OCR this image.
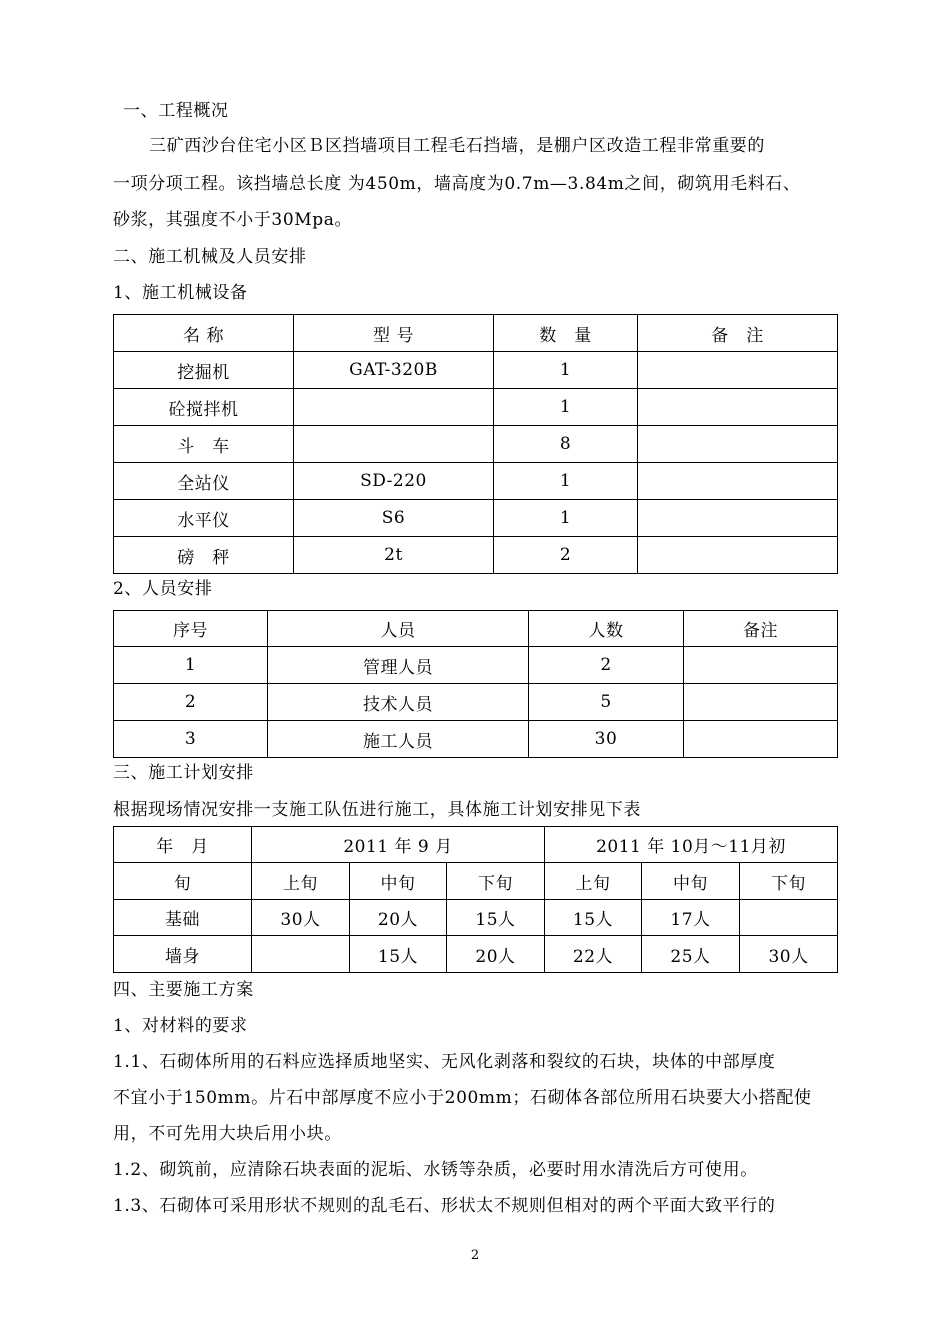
一、工程概况
三矿西沙台住宅小区Ｂ区挡墙项目工程毛石挡墙，是棚户区改造工程非常重要的
一项分项工程。该挡墙总长度 为450m，墙高度为0.7m—3.84m之间，砌筑用毛料石、
砂浆，其强度不小于30Mpa。
二、施工机械及人员安排
1、施工机械设备
名 称	型 号	数　量	备　注
挖掘机	GAT-320B	1	
砼搅拌机		1	
斗　车		8	
全站仪	SD-220	1	
水平仪	S6	1	
磅　秤	2t	2	
2、人员安排
序号	人员	人数	备注
1	管理人员	2	
2	技术人员	5	
3	施工人员	30	
三、施工计划安排
根据现场情况安排一支施工队伍进行施工，具体施工计划安排见下表
年　月	2011 年 9 月			2011 年 10月～11月初		
旬	上旬	中旬	下旬	上旬	中旬	下旬
基础	30人	20人	15人	15人	17人	
墙身		15人	20人	22人	25人	30人
四、主要施工方案
1、对材料的要求
1.1、石砌体所用的石料应选择质地坚实、无风化剥落和裂纹的石块，块体的中部厚度
不宜小于150mm。片石中部厚度不应小于200mm；石砌体各部位所用石块要大小搭配使
用，不可先用大块后用小块。
1.2、砌筑前，应清除石块表面的泥垢、水锈等杂质，必要时用水清洗后方可使用。
1.3、石砌体可采用形状不规则的乱毛石、形状太不规则但相对的两个平面大致平行的
2
